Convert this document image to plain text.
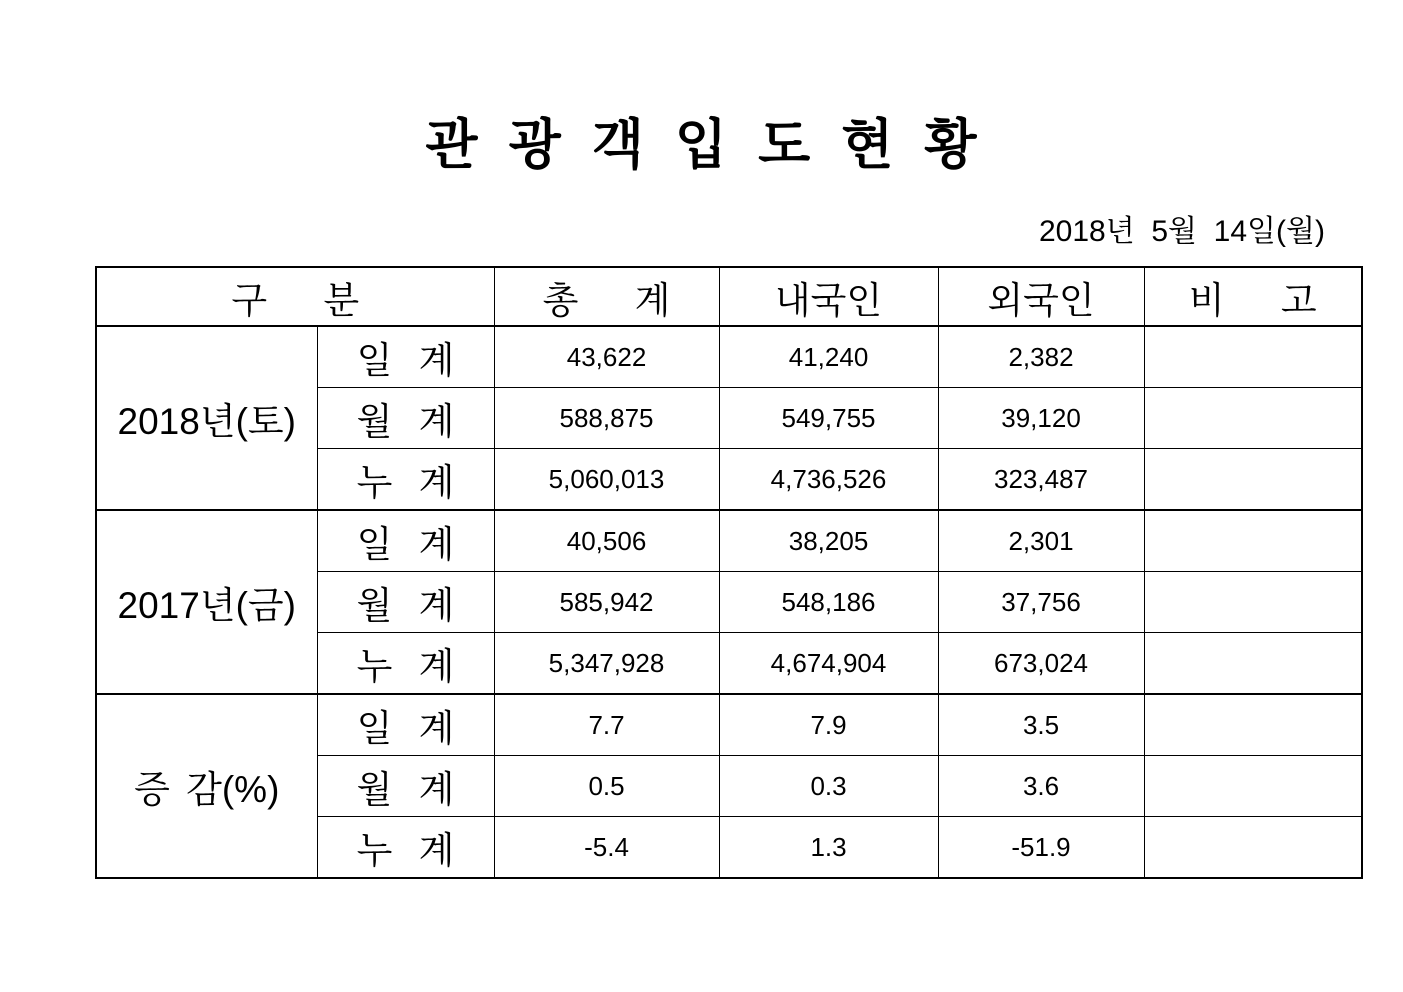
관 광 객 입 도 현 황
2018년  5월  14일(월)
구 분		총 계	내국인	외국인	비 고
2018년(토)	일 계	43,622	41,240	2,382	
	월 계	588,875	549,755	39,120	
	누 계	5,060,013	4,736,526	323,487	
2017년(금)	일 계	40,506	38,205	2,301	
	월 계	585,942	548,186	37,756	
	누 계	5,347,928	4,674,904	673,024	
증 감(%)	일 계	7.7	7.9	3.5	
	월 계	0.5	0.3	3.6	
	누 계	-5.4	1.3	-51.9	
